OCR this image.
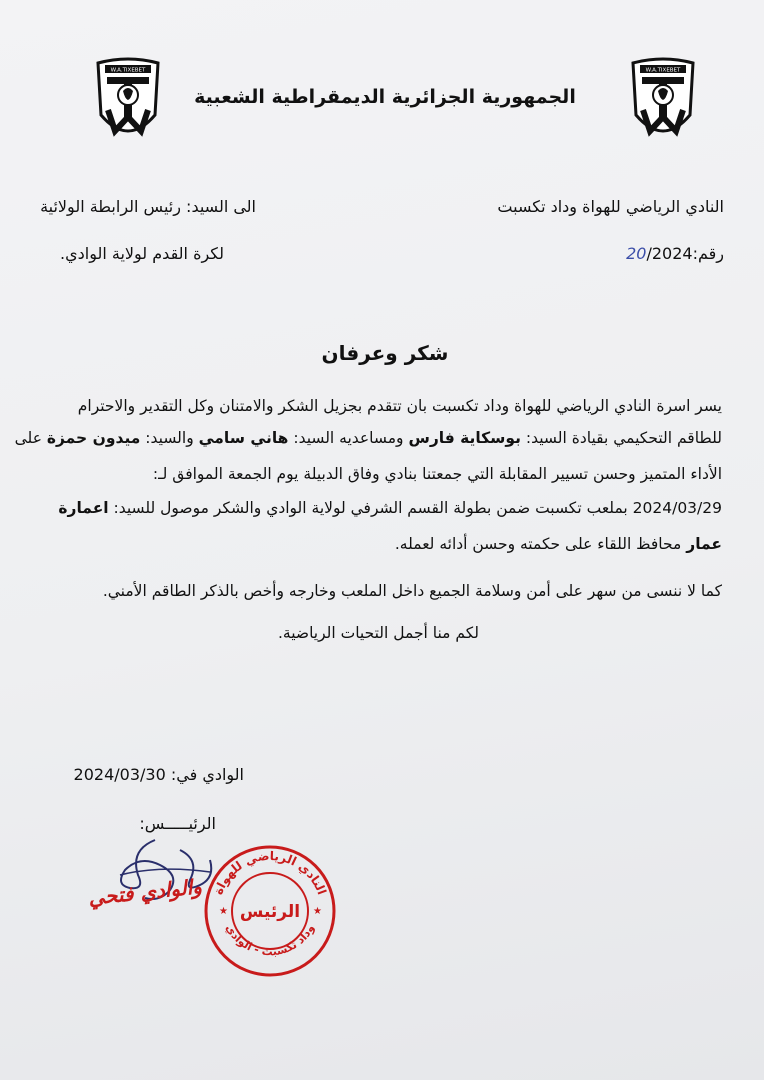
W.A.TIXEBET	W.A.TIXEBET
الجمهورية الجزائرية الديمقراطية الشعبية
النادي الرياضي للهواة وداد تكسبت
رقم:20/2024
الى السيد: رئيس الرابطة الولائية
لكرة القدم لولاية الوادي.
شكر وعرفان
يسر اسرة النادي الرياضي للهواة وداد تكسبت بان تتقدم بجزيل الشكر والامتنان وكل التقدير والاحترام
للطاقم التحكيمي بقيادة السيد: بوسكاية فارس ومساعديه السيد: هاني سامي والسيد: ميدون حمزة على
الأداء المتميز وحسن تسيير المقابلة التي جمعتنا بنادي وفاق الدبيلة يوم الجمعة الموافق لـ:
2024/03/29 بملعب تكسبت ضمن بطولة القسم الشرفي لولاية الوادي والشكر موصول للسيد: اعمارة
عمار محافظ اللقاء على حكمته وحسن أدائه لعمله.
كما لا ننسى من سهر على أمن وسلامة الجميع داخل الملعب وخارجه وأخص بالذكر الطاقم الأمني.
لكم منا أجمل التحيات الرياضية.
الوادي في: 2024/03/30
الرئيـــــس:
والوادي فتحي النادي الرياضي للهواة
وداد تكسبت - الوادي
الرئيس
★	★
